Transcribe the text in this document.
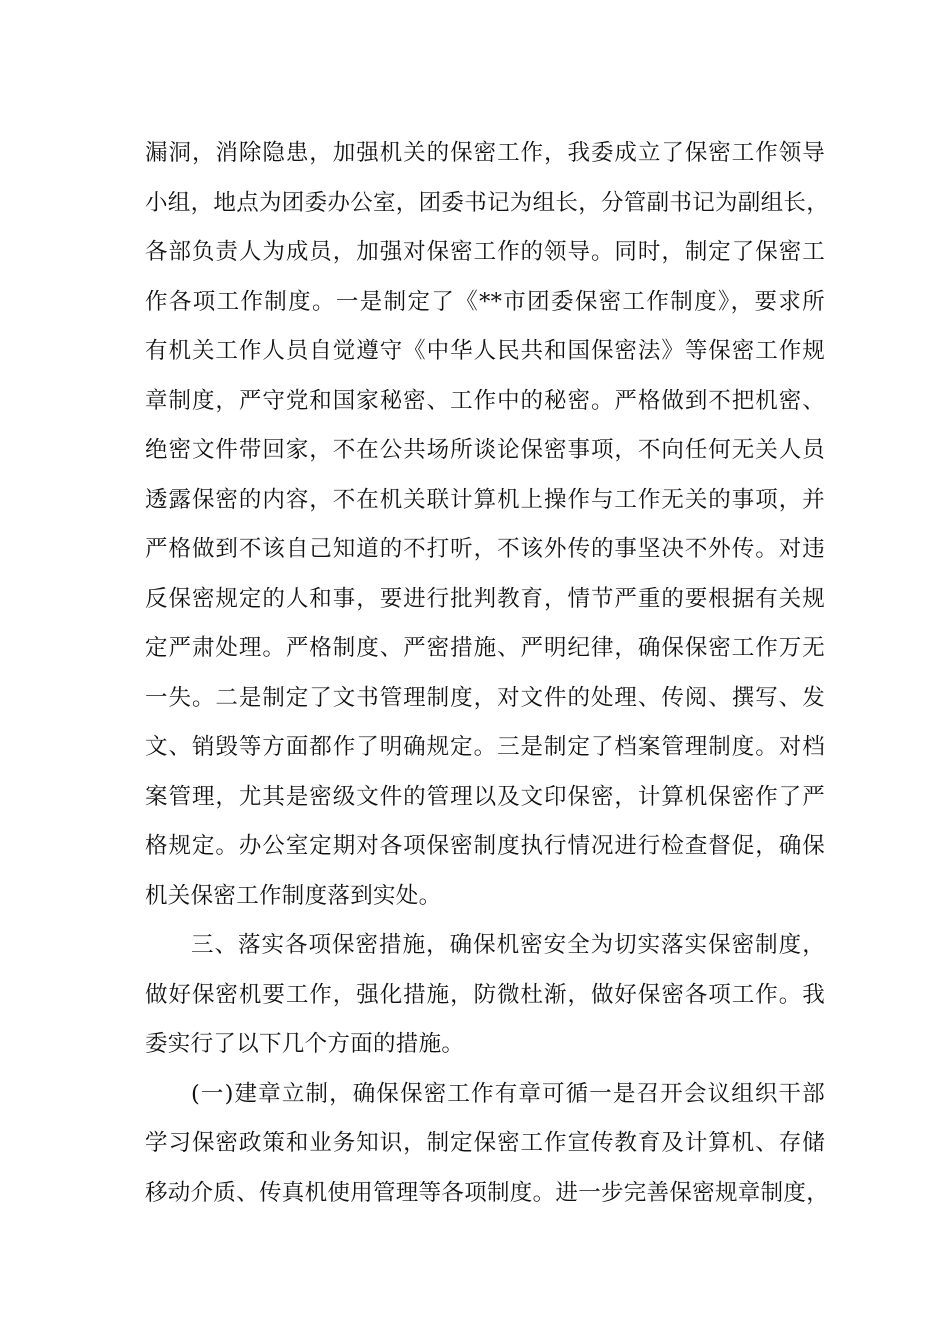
漏洞，消除隐患，加强机关的保密工作，我委成立了保密工作领导
小组，地点为团委办公室，团委书记为组长，分管副书记为副组长，
各部负责人为成员，加强对保密工作的领导。同时，制定了保密工
作各项工作制度。一是制定了《**市团委保密工作制度》，要求所
有机关工作人员自觉遵守《中华人民共和国保密法》等保密工作规
章制度，严守党和国家秘密、工作中的秘密。严格做到不把机密、
绝密文件带回家，不在公共场所谈论保密事项，不向任何无关人员
透露保密的内容，不在机关联计算机上操作与工作无关的事项，并
严格做到不该自己知道的不打听，不该外传的事坚决不外传。对违
反保密规定的人和事，要进行批判教育，情节严重的要根据有关规
定严肃处理。严格制度、严密措施、严明纪律，确保保密工作万无
一失。二是制定了文书管理制度，对文件的处理、传阅、撰写、发
文、销毁等方面都作了明确规定。三是制定了档案管理制度。对档
案管理，尤其是密级文件的管理以及文印保密，计算机保密作了严
格规定。办公室定期对各项保密制度执行情况进行检查督促，确保
机关保密工作制度落到实处。
三、落实各项保密措施，确保机密安全为切实落实保密制度，
做好保密机要工作，强化措施，防微杜渐，做好保密各项工作。我
委实行了以下几个方面的措施。
(一)建章立制，确保保密工作有章可循一是召开会议组织干部
学习保密政策和业务知识，制定保密工作宣传教育及计算机、存储
移动介质、传真机使用管理等各项制度。进一步完善保密规章制度，
